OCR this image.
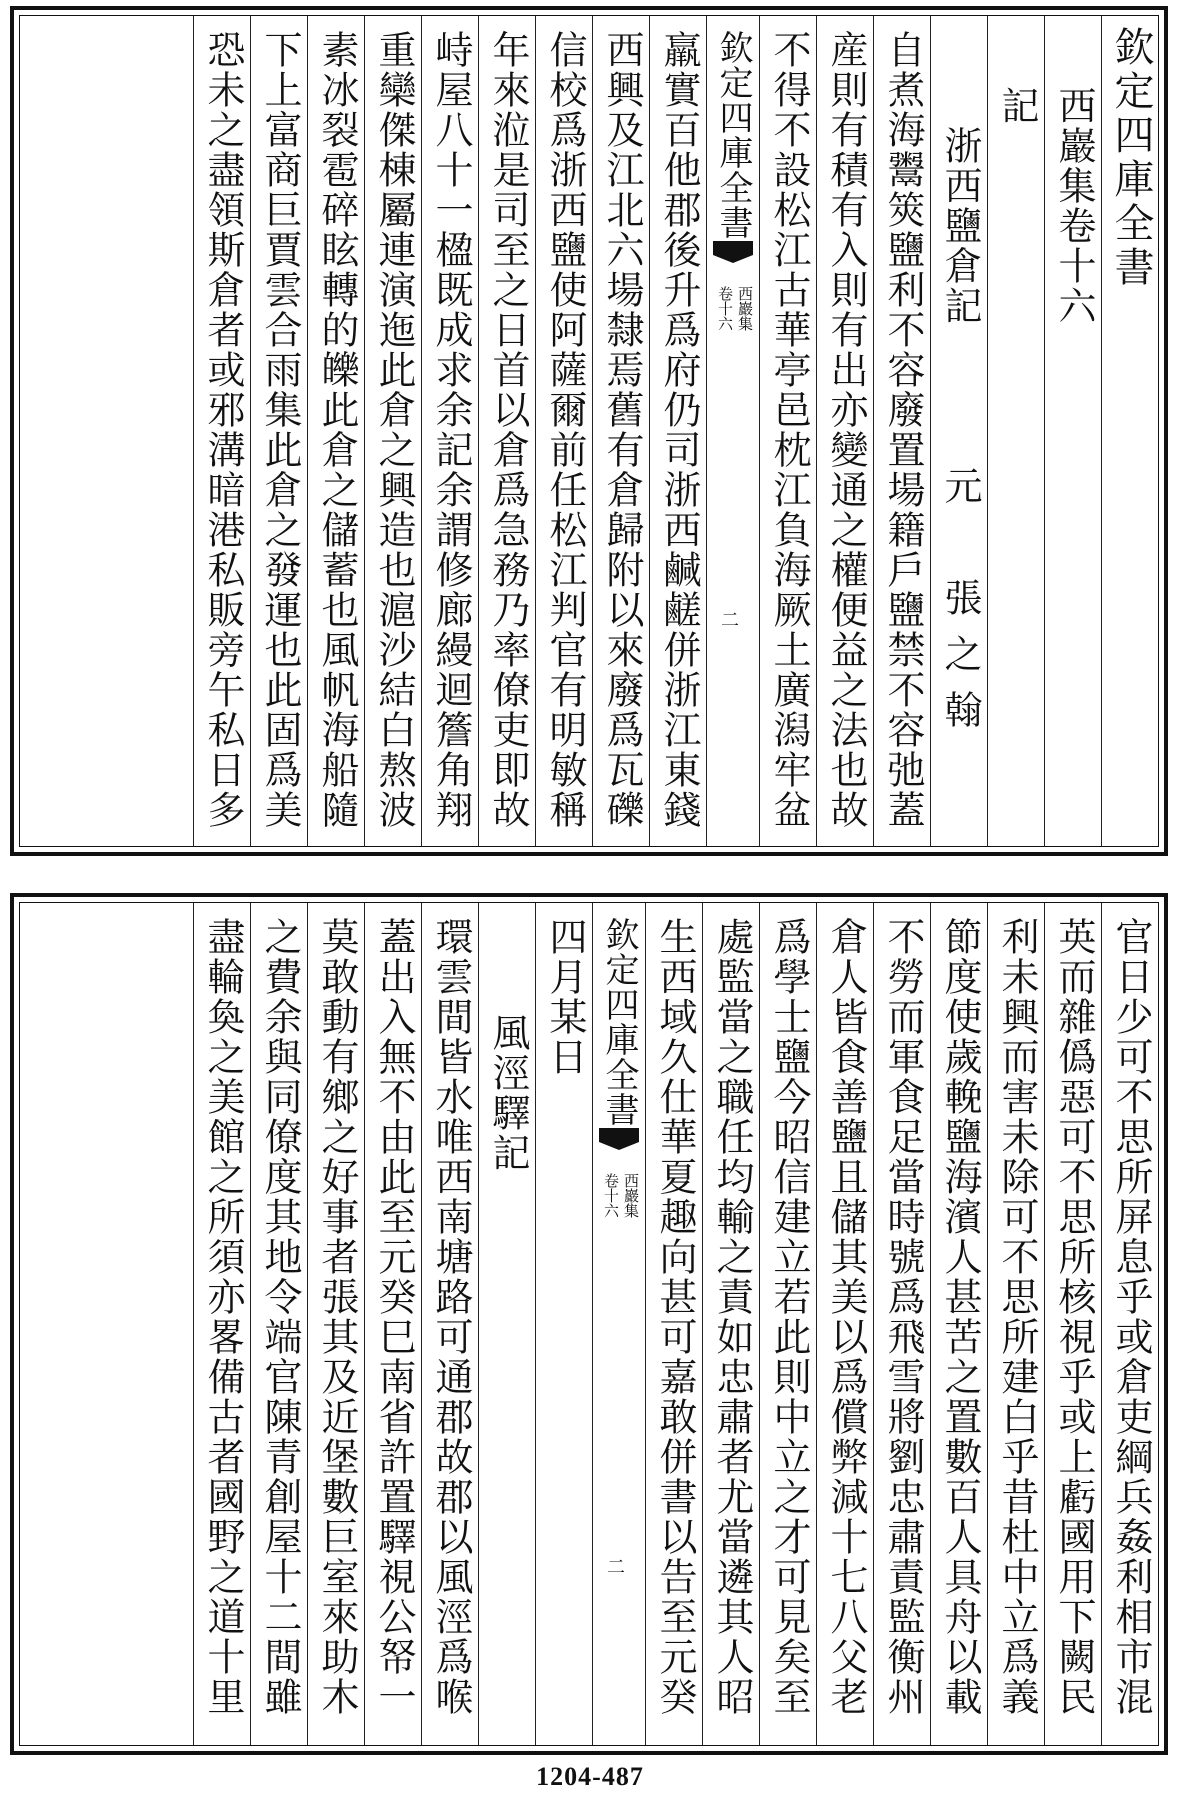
欽定四庫全書
西巖集卷十六
記
浙西鹽倉記
元　張之翰　
自煮海鬻筴鹽利不容廢置場籍戶鹽禁不容弛蓋
産則有積有入則有出亦變通之權便益之法也故
不得不設松江古華亭邑枕江負海厥土廣潟牢盆
欽定四庫全書
西巖集
卷十六
二
羸實百他郡後升爲府仍司浙西鹹鹺併浙江東錢
西興及江北六場隸焉舊有倉歸附以來廢爲瓦礫
信校爲浙西鹽使阿薩爾前任松江判官有明敏稱
年來涖是司至之日首以倉爲急務乃率僚吏即故
峙屋八十一楹既成求余記余謂修廊縵迴簷角翔
重欒傑棟屬連演迤此倉之興造也滬沙結白熬波
素冰裂雹碎眩轉的皪此倉之儲蓄也風帆海船隨
下上富商巨賈雲合雨集此倉之發運也此固爲美
恐未之盡領斯倉者或邪溝暗港私販旁午私日多
官日少可不思所屏息乎或倉吏綱兵姦利相市混
英而雜僞惡可不思所核視乎或上虧國用下闕民
利未興而害未除可不思所建白乎昔杜中立爲義
節度使歲輓鹽海濱人甚苦之置數百人具舟以載
不勞而軍食足當時號爲飛雪將劉忠肅責監衡州
倉人皆食善鹽且儲其美以爲償弊減十七八父老
爲學士鹽今昭信建立若此則中立之才可見矣至
處監當之職任均輸之責如忠肅者尤當遴其人昭
生西域久仕華夏趣向甚可嘉敢併書以告至元癸
欽定四庫全書
西巖集
卷十六
二
四月某日
風涇驛記
環雲間皆水唯西南塘路可通郡故郡以風涇爲喉
蓋出入無不由此至元癸巳南省許置驛視公帑一
莫敢動有鄉之好事者張其及近堡數巨室來助木
之費余與同僚度其地令端官陳青創屋十二間雖
盡輪奐之美館之所須亦畧備古者國野之道十里
1204-487
